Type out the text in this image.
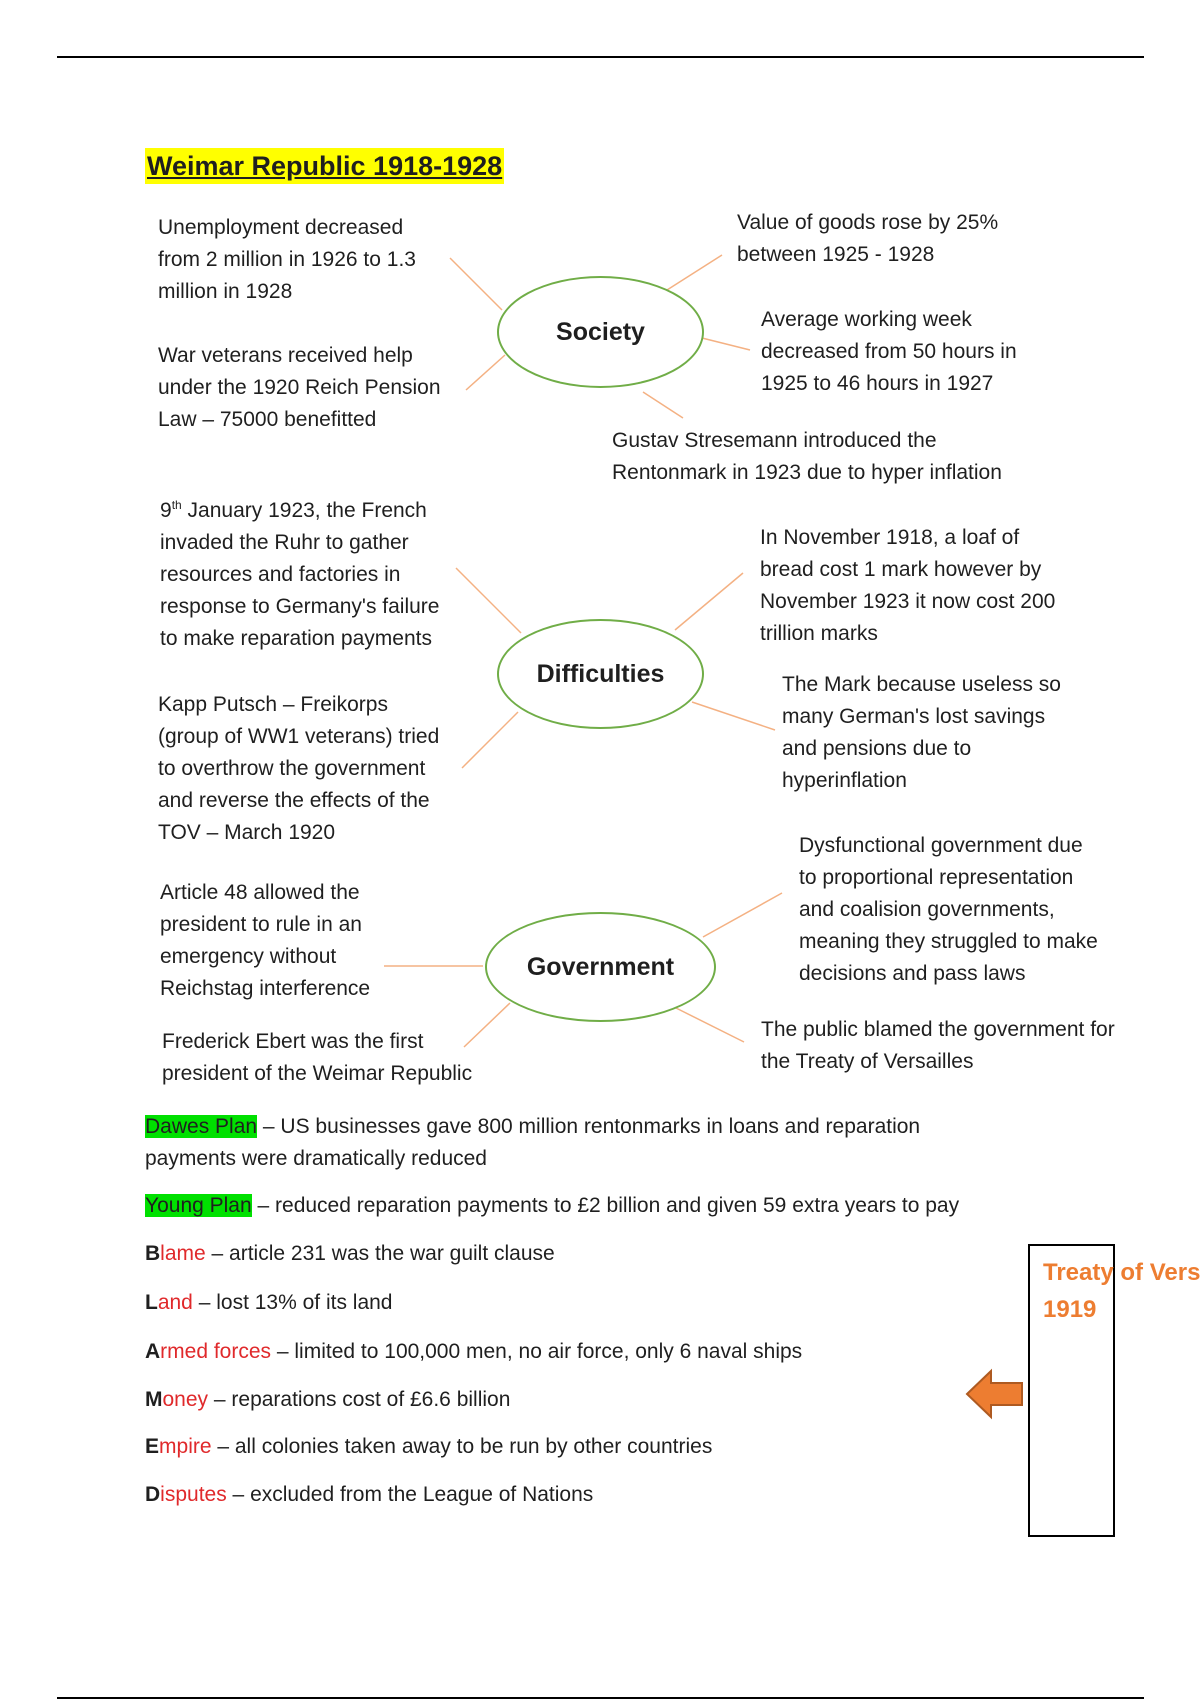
Weimar Republic 1918-1928
Society
Unemployment decreased
from 2 million in 1926 to 1.3
million in 1928
War veterans received help
under the 1920 Reich Pension
Law – 75000 benefitted
Value of goods rose by 25%
between 1925 - 1928
Average working week
decreased from 50 hours in
1925 to 46 hours in 1927
Gustav Stresemann introduced the
Rentonmark in 1923 due to hyper inflation
Difficulties
9th January 1923, the French
invaded the Ruhr to gather
resources and factories in
response to Germany's failure
to make reparation payments
Kapp Putsch – Freikorps
(group of WW1 veterans) tried
to overthrow the government
and reverse the effects of the
TOV – March 1920
In November 1918, a loaf of
bread cost 1 mark however by
November 1923 it now cost 200
trillion marks
The Mark because useless so
many German's lost savings
and pensions due to
hyperinflation
Government
Article 48 allowed the
president to rule in an
emergency without
Reichstag interference
Frederick Ebert was the first
president of the Weimar Republic
Dysfunctional government due
to proportional representation
and coalision governments,
meaning they struggled to make
decisions and pass laws
The public blamed the government for
the Treaty of Versailles
Dawes Plan – US businesses gave 800 million rentonmarks in loans and reparation
payments were dramatically reduced
Young Plan – reduced reparation payments to £2 billion and given 59 extra years to pay
Blame – article 231 was the war guilt clause
Land – lost 13% of its land
Armed forces – limited to 100,000 men, no air force, only 6 naval ships
Money – reparations cost of £6.6 billion
Empire – all colonies taken away to be run by other countries
Disputes – excluded from the League of Nations
Treaty of Vers
1919
